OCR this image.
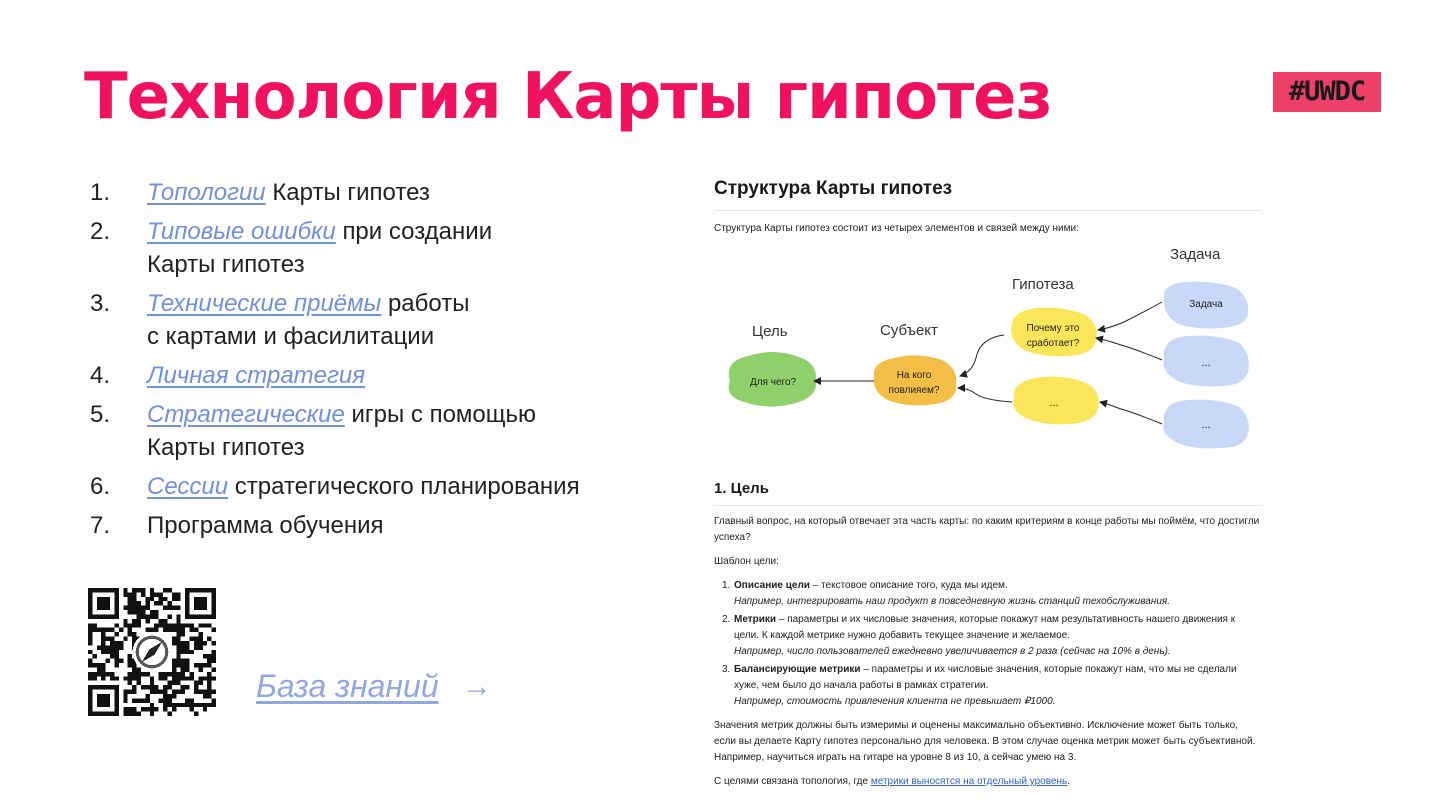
Технология Карты гипотез	#UWDC
1.	Топологии Карты гипотез
2.	Типовые ошибки при создании
Карты гипотез
3.	Технические приёмы работы
с картами и фасилитации
4.	Личная стратегия
5.	Стратегические игры с помощью
Карты гипотез
6.	Сессии стратегического планирования
7.	Программа обучения
База знаний →
Структура Карты гипотез

Структура Карты гипотез состоит из четырех элементов и связей между ними:

Цель	Субъект
Гипотеза
Задача
Для чего?
На кого
повлияем?
Почему это
сработает?
...
Задача
...
...
1. Цель

Главный вопрос, на который отвечает эта часть карты: по каким критериям в конце работы мы поймём, что достигли успеха?

Шаблон цели:

1. Описание цели – текстовое описание того, куда мы идем.
Например, интегрировать наш продукт в повседневную жизнь станций техобслуживания.
2. Метрики – параметры и их числовые значения, которые покажут нам результативность нашего движения к цели. К каждой метрике нужно добавить текущее значение и желаемое.
Например, число пользователей ежедневно увеличивается в 2 раза (сейчас на 10% в день).
3. Балансирующие метрики – параметры и их числовые значения, которые покажут нам, что мы не сделали хуже, чем было до начала работы в рамках стратегии.
Например, стоимость привлечения клиента не превышает ₽1000.

Значения метрик должны быть измеримы и оценены максимально объективно. Исключение может быть только, если вы делаете Карту гипотез персонально для человека. В этом случае оценка метрик может быть субъективной. Например, научиться играть на гитаре на уровне 8 из 10, а сейчас умею на 3.

С целями связана топология, где метрики выносятся на отдельный уровень.
